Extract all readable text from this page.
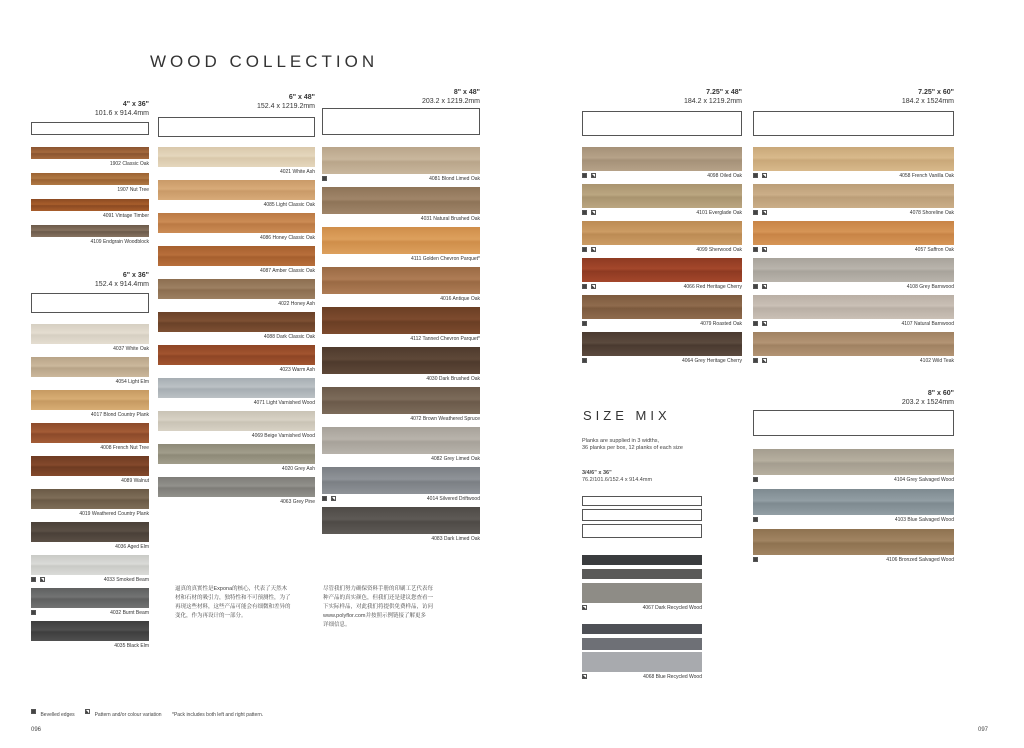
WOOD COLLECTION
4" x 36"
101.6 x 914.4mm
6" x 36"
152.4 x 914.4mm
6" x 48"
152.4 x 1219.2mm
8" x 48"
203.2 x 1219.2mm
7.25" x 48"
184.2 x 1219.2mm
7.25" x 60"
184.2 x 1524mm
8" x 60"
203.2 x 1524mm
SIZE MIX
Planks are supplied in 3 widths,
36 planks per box, 12 planks of each size
3/4/6" x 36"
76.2/101.6/152.4 x 914.4mm
1902 Classic Oak
1907 Nut Tree
4091 Vintage Timber
4109 Endgrain Woodblock
4037 White Oak
4054 Light Elm
4017 Blond Country Plank
4008 French Nut Tree
4089 Walnut
4019 Weathered Country Plank
4036 Aged Elm
4033 Smoked Beam
4032 Burnt Beam
4035 Black Elm
4021 White Ash
4085 Light Classic Oak
4086 Honey Classic Oak
4087 Amber Classic Oak
4022 Honey Ash
4088 Dark Classic Oak
4023 Warm Ash
4071 Light Varnished Wood
4069 Beige Varnished Wood
4020 Grey Ash
4063 Grey Pine
4081 Blond Limed Oak
4031 Natural Brushed Oak
4111 Golden Chevron Parquet*
4016 Antique Oak
4112 Tanned Chevron Parquet*
4030 Dark Brushed Oak
4072 Brown Weathered Spruce
4082 Grey Limed Oak
4014 Silvered Driftwood
4083 Dark Limed Oak
4098 Oiled Oak
4101 Everglade Oak
4099 Sherwood Oak
4066 Red Heritage Cherry
4079 Roasted Oak
4064 Grey Heritage Cherry
4058 French Vanilla Oak
4078 Shoreline Oak
4057 Saffron Oak
4108 Grey Barnwood
4107 Natural Barnwood
4102 Wild Teak
4104 Grey Salvaged Wood
4103 Blue Salvaged Wood
4106 Bronzed Salvaged Wood
4067 Dark Recycled Wood
4068 Blue Recycled Wood
逼真的真實性是Expona的核心，代表了天然木
材和石材的吸引力，独特性和不可预测性，为了
再现这些材料，这些产品可能会有细微和差异的
变化，作为再设计的一部分。
尽管我们努力确保资料手册的印刷工艺代表每
种产品的真实颜色，但我们还是建议您查看一
下实际样品，对此我们将提供免费样品，访问
www.polyflor.com并按照示例链接了解更多
详细信息。
Bevelled edges	Pattern and/or colour variation *Pack includes both left and right pattern.
096	097
